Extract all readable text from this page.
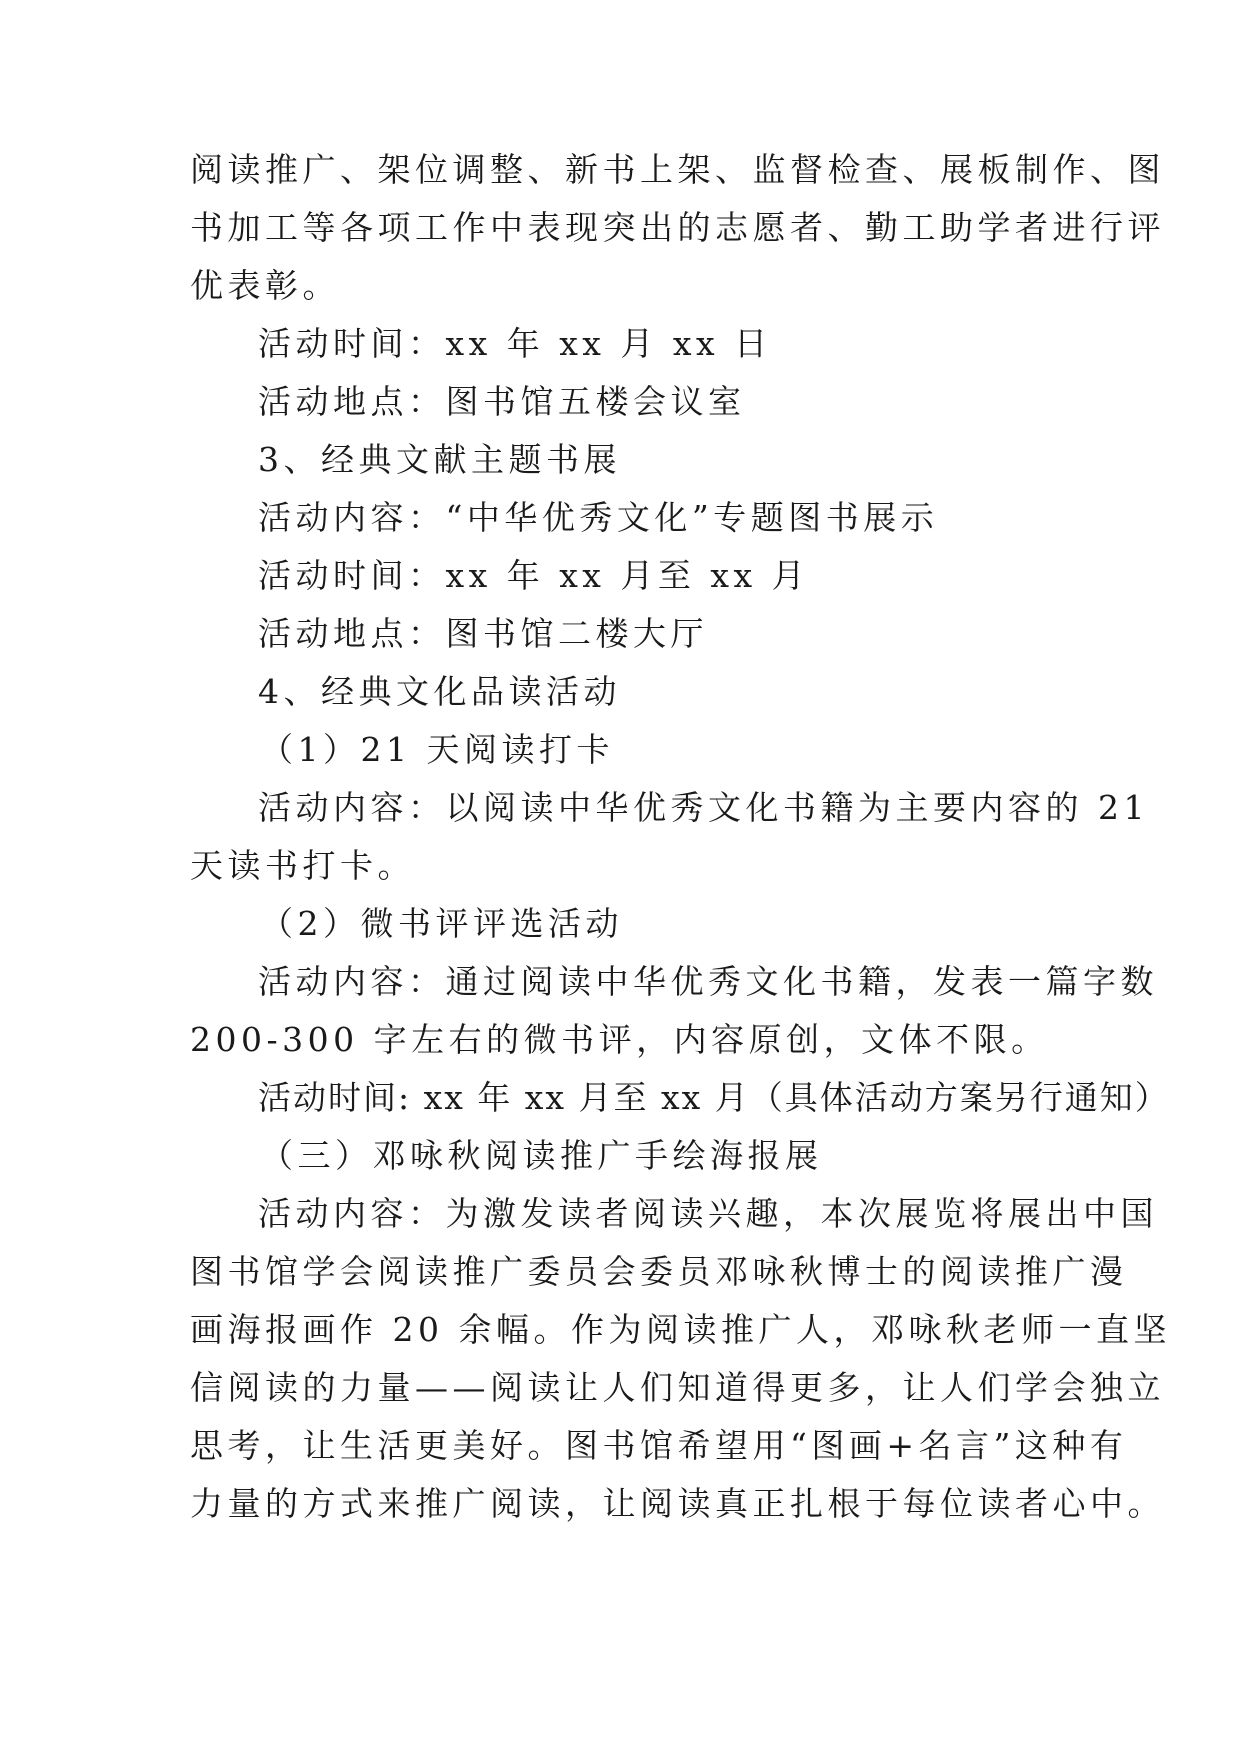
阅读推广、架位调整、新书上架、监督检查、展板制作、图
书加工等各项工作中表现突出的志愿者、勤工助学者进行评
优表彰。
活动时间：xx 年 xx 月 xx 日
活动地点：图书馆五楼会议室
3、经典文献主题书展
活动内容：“中华优秀文化”专题图书展示
活动时间：xx 年 xx 月至 xx 月
活动地点：图书馆二楼大厅
4、经典文化品读活动
（1）21 天阅读打卡
活动内容：以阅读中华优秀文化书籍为主要内容的 21
天读书打卡。
（2）微书评评选活动
活动内容：通过阅读中华优秀文化书籍，发表一篇字数
200-300 字左右的微书评，内容原创，文体不限。
活动时间: xx 年 xx 月至 xx 月（具体活动方案另行通知）
（三）邓咏秋阅读推广手绘海报展
活动内容：为激发读者阅读兴趣，本次展览将展出中国
图书馆学会阅读推广委员会委员邓咏秋博士的阅读推广漫
画海报画作 20 余幅。作为阅读推广人，邓咏秋老师一直坚
信阅读的力量——阅读让人们知道得更多，让人们学会独立
思考，让生活更美好。图书馆希望用“图画+名言”这种有
力量的方式来推广阅读，让阅读真正扎根于每位读者心中。
